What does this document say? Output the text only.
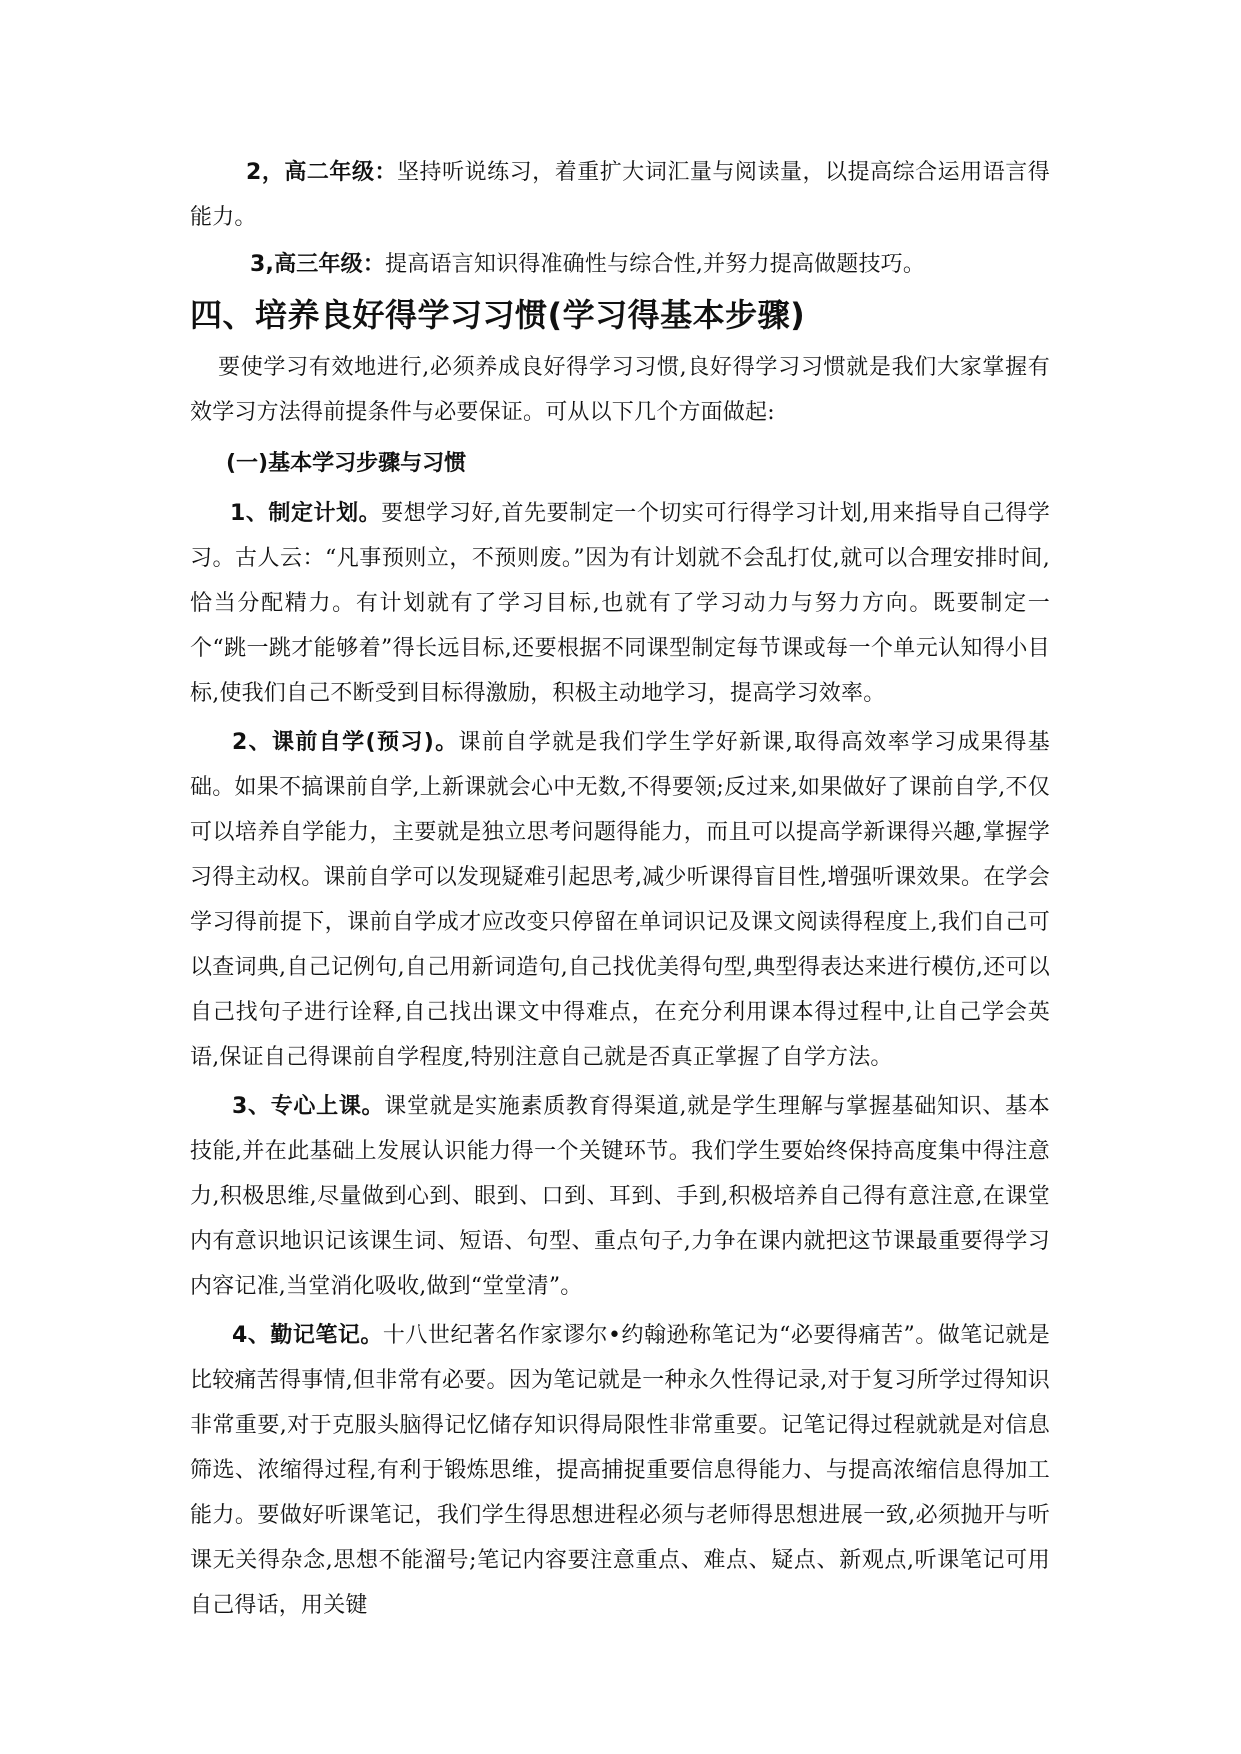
2，高二年级：坚持听说练习，着重扩大词汇量与阅读量，以提高综合运用语言得能力。

3,高三年级：提高语言知识得准确性与综合性,并努力提高做题技巧。

四、培养良好得学习习惯(学习得基本步骤)

要使学习有效地进行,必须养成良好得学习习惯,良好得学习习惯就是我们大家掌握有效学习方法得前提条件与必要保证。可从以下几个方面做起:

(一)基本学习步骤与习惯

1、制定计划。要想学习好,首先要制定一个切实可行得学习计划,用来指导自己得学习。古人云：“凡事预则立，不预则废。”因为有计划就不会乱打仗,就可以合理安排时间,恰当分配精力。有计划就有了学习目标,也就有了学习动力与努力方向。既要制定一个“跳一跳才能够着”得长远目标,还要根据不同课型制定每节课或每一个单元认知得小目标,使我们自己不断受到目标得激励，积极主动地学习，提高学习效率。

2、课前自学(预习)。课前自学就是我们学生学好新课,取得高效率学习成果得基础。如果不搞课前自学,上新课就会心中无数,不得要领;反过来,如果做好了课前自学,不仅可以培养自学能力，主要就是独立思考问题得能力，而且可以提高学新课得兴趣,掌握学习得主动权。课前自学可以发现疑难引起思考,减少听课得盲目性,增强听课效果。在学会学习得前提下，课前自学成才应改变只停留在单词识记及课文阅读得程度上,我们自己可以查词典,自己记例句,自己用新词造句,自己找优美得句型,典型得表达来进行模仿,还可以自己找句子进行诠释,自己找出课文中得难点，在充分利用课本得过程中,让自己学会英语,保证自己得课前自学程度,特别注意自己就是否真正掌握了自学方法。

3、专心上课。课堂就是实施素质教育得渠道,就是学生理解与掌握基础知识、基本技能,并在此基础上发展认识能力得一个关键环节。我们学生要始终保持高度集中得注意力,积极思维,尽量做到心到、眼到、口到、耳到、手到,积极培养自己得有意注意,在课堂内有意识地识记该课生词、短语、句型、重点句子,力争在课内就把这节课最重要得学习内容记准,当堂消化吸收,做到“堂堂清”。

4、勤记笔记。十八世纪著名作家谬尔•约翰逊称笔记为“必要得痛苦”。做笔记就是比较痛苦得事情,但非常有必要。因为笔记就是一种永久性得记录,对于复习所学过得知识非常重要,对于克服头脑得记忆储存知识得局限性非常重要。记笔记得过程就就是对信息筛选、浓缩得过程,有利于锻炼思维，提高捕捉重要信息得能力、与提高浓缩信息得加工能力。要做好听课笔记，我们学生得思想进程必须与老师得思想进展一致,必须抛开与听课无关得杂念,思想不能溜号;笔记内容要注意重点、难点、疑点、新观点,听课笔记可用自己得话，用关键
